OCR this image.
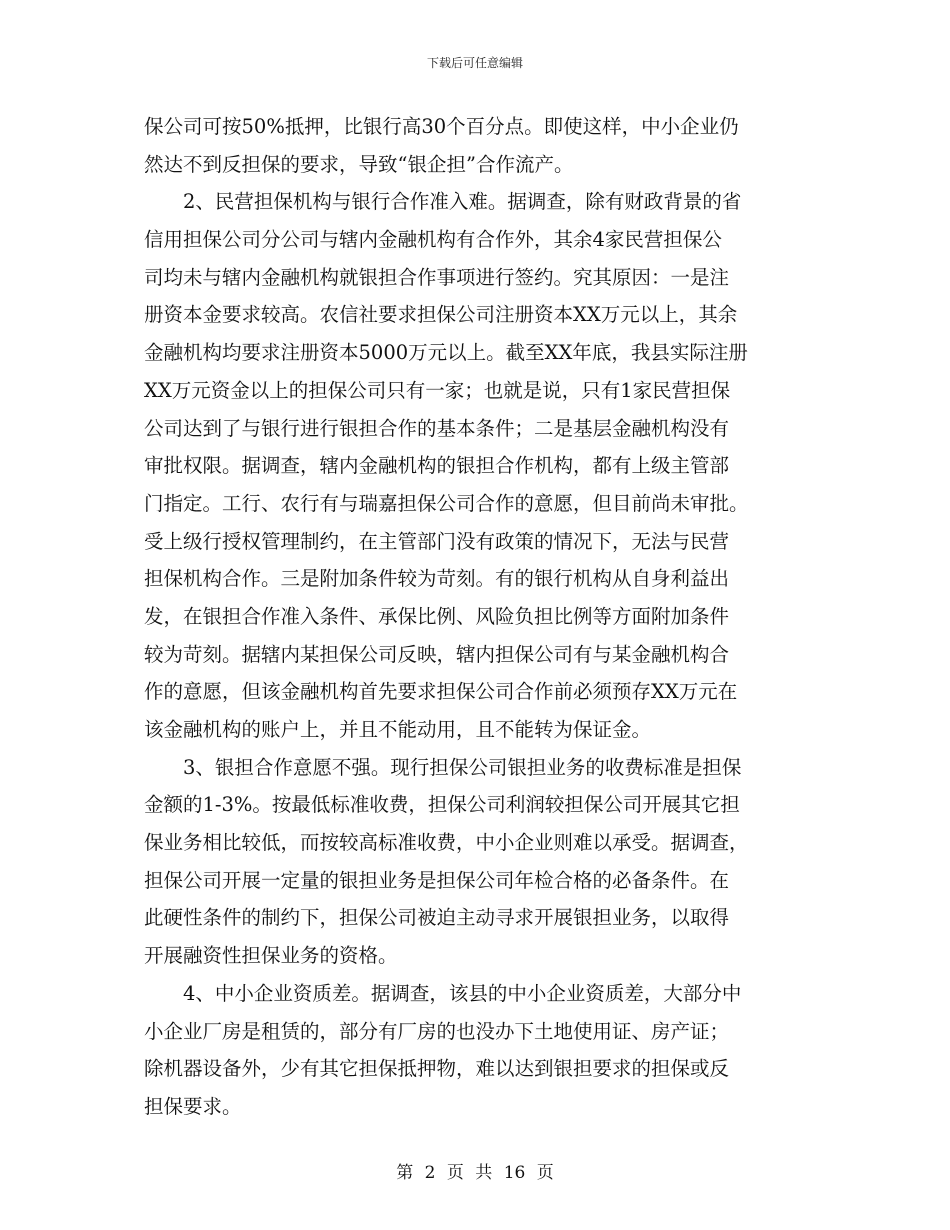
下载后可任意编辑
保公司可按50%抵押，比银行高30个百分点。即使这样，中小企业仍
然达不到反担保的要求，导致“银企担”合作流产。
　　2、民营担保机构与银行合作准入难。据调查，除有财政背景的省
信用担保公司分公司与辖内金融机构有合作外，其余4家民营担保公
司均未与辖内金融机构就银担合作事项进行签约。究其原因：一是注
册资本金要求较高。农信社要求担保公司注册资本XX万元以上，其余
金融机构均要求注册资本5000万元以上。截至XX年底，我县实际注册
XX万元资金以上的担保公司只有一家；也就是说，只有1家民营担保
公司达到了与银行进行银担合作的基本条件；二是基层金融机构没有
审批权限。据调查，辖内金融机构的银担合作机构，都有上级主管部
门指定。工行、农行有与瑞嘉担保公司合作的意愿，但目前尚未审批。
受上级行授权管理制约，在主管部门没有政策的情况下，无法与民营
担保机构合作。三是附加条件较为苛刻。有的银行机构从自身利益出
发，在银担合作准入条件、承保比例、风险负担比例等方面附加条件
较为苛刻。据辖内某担保公司反映，辖内担保公司有与某金融机构合
作的意愿，但该金融机构首先要求担保公司合作前必须预存XX万元在
该金融机构的账户上，并且不能动用，且不能转为保证金。
　　3、银担合作意愿不强。现行担保公司银担业务的收费标准是担保
金额的1-3%。按最低标准收费，担保公司利润较担保公司开展其它担
保业务相比较低，而按较高标准收费，中小企业则难以承受。据调查，
担保公司开展一定量的银担业务是担保公司年检合格的必备条件。在
此硬性条件的制约下，担保公司被迫主动寻求开展银担业务，以取得
开展融资性担保业务的资格。
　　4、中小企业资质差。据调查，该县的中小企业资质差，大部分中
小企业厂房是租赁的，部分有厂房的也没办下土地使用证、房产证；
除机器设备外，少有其它担保抵押物，难以达到银担要求的担保或反
担保要求。
第 2 页 共 16 页
